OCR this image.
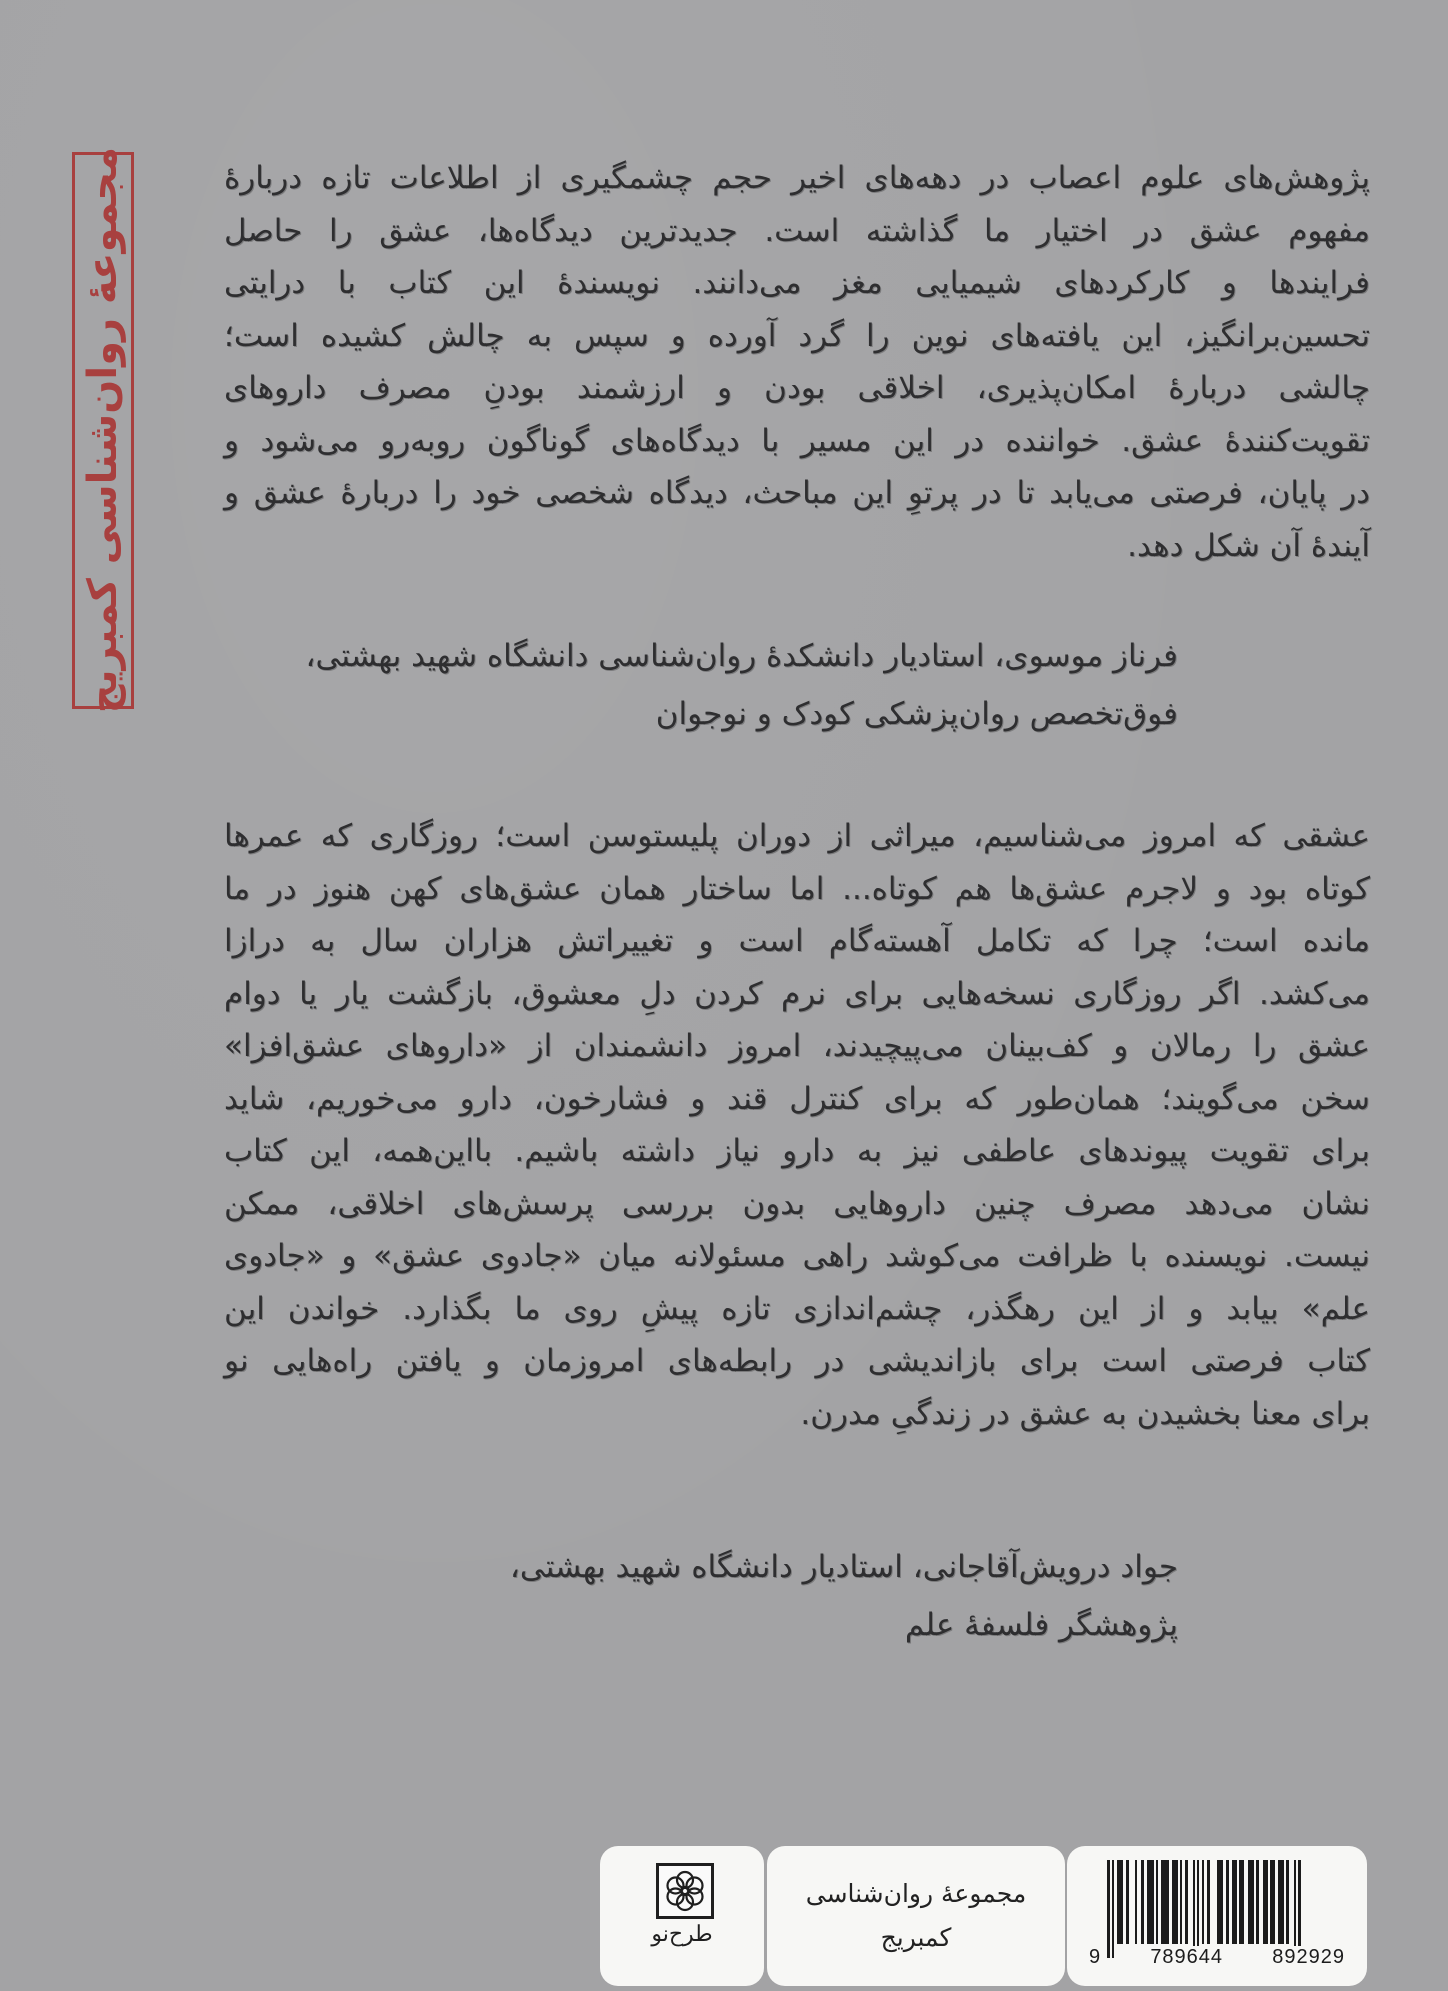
مجموعهٔ روان‌شناسی کمبریج	پژوهش‌های علوم اعصاب در دهه‌های اخیر حجم چشمگیری از اطلاعات تازه دربارهٔ
مفهوم عشق در اختیار ما گذاشته است. جدیدترین دیدگاه‌ها، عشق را حاصل
فرایندها و کارکردهای شیمیایی مغز می‌دانند. نویسندهٔ این کتاب با درایتی
تحسین‌برانگیز، این یافته‌های نوین را گرد آورده و سپس به چالش کشیده است؛
چالشی دربارهٔ امکان‌پذیری، اخلاقی بودن و ارزشمند بودنِ مصرف داروهای
تقویت‌کنندهٔ عشق. خواننده در این مسیر با دیدگاه‌های گوناگون روبه‌رو می‌شود و
در پایان، فرصتی می‌یابد تا در پرتوِ این مباحث، دیدگاه شخصی خود را دربارهٔ عشق و
آیندهٔ آن شکل دهد.
فرناز موسوی، استادیار دانشکدهٔ روان‌شناسی دانشگاه شهید بهشتی،
فوق‌تخصص روان‌پزشکی کودک و نوجوان
عشقی که امروز می‌شناسیم، میراثی از دوران پلیستوسن است؛ روزگاری که عمرها
کوتاه بود و لاجرم عشق‌ها هم کوتاه... اما ساختار همان عشق‌های کهن هنوز در ما
مانده است؛ چرا که تکامل آهسته‌گام است و تغییراتش هزاران سال به درازا
می‌کشد. اگر روزگاری نسخه‌هایی برای نرم کردن دلِ معشوق، بازگشت یار یا دوام
عشق را رمالان و کف‌بینان می‌پیچیدند، امروز دانشمندان از «داروهای عشق‌افزا»
سخن می‌گویند؛ همان‌طور که برای کنترل قند و فشارخون، دارو می‌خوریم، شاید
برای تقویت پیوندهای عاطفی نیز به دارو نیاز داشته باشیم. بااین‌همه، این کتاب
نشان می‌دهد مصرف چنین داروهایی بدون بررسی پرسش‌های اخلاقی، ممکن
نیست. نویسنده با ظرافت می‌کوشد راهی مسئولانه میان «جادوی عشق» و «جادوی
علم» بیابد و از این رهگذر، چشم‌اندازی تازه پیشِ روی ما بگذارد. خواندن این
کتاب فرصتی است برای بازاندیشی در رابطه‌های امروزمان و یافتن راه‌هایی نو
برای معنا بخشیدن به عشق در زندگیِ مدرن.
جواد درویش‌آقاجانی، استادیار دانشگاه شهید بهشتی،
پژوهشگر فلسفهٔ علم
طرح‌نو
مجموعهٔ روان‌شناسی
کمبریج
9 789644 892929
